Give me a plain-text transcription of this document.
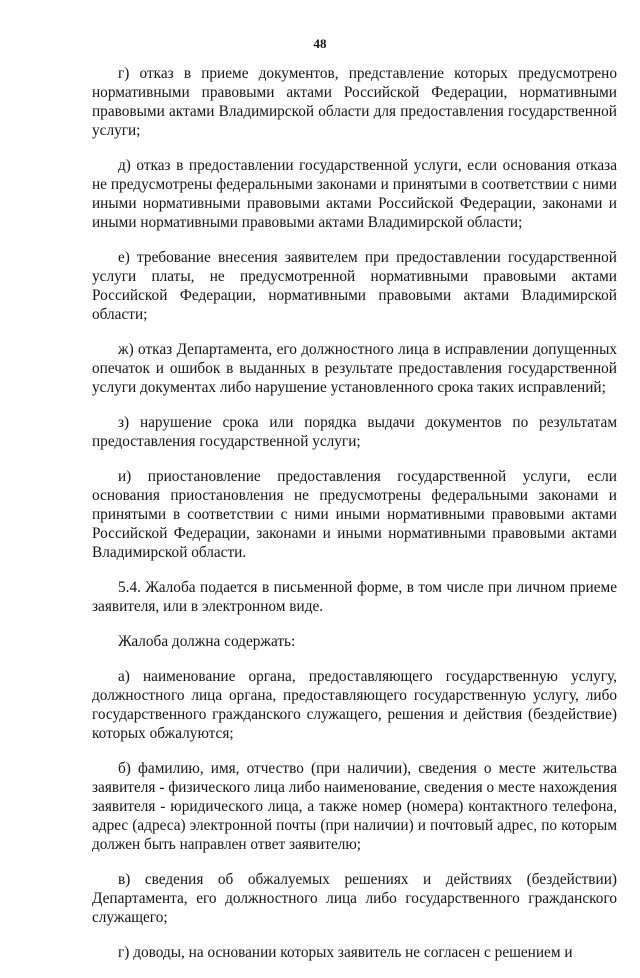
48

г) отказ в приеме документов, представление которых предусмотрено нормативными правовыми актами Российской Федерации, нормативными правовыми актами Владимирской области для предоставления государственной услуги;

д) отказ в предоставлении государственной услуги, если основания отказа не предусмотрены федеральными законами и принятыми в соответствии с ними иными нормативными правовыми актами Российской Федерации, законами и иными нормативными правовыми актами Владимирской области;

е) требование внесения заявителем при предоставлении государственной услуги платы, не предусмотренной нормативными правовыми актами Российской Федерации, нормативными правовыми актами Владимирской области;

ж) отказ Департамента, его должностного лица в исправлении допущенных опечаток и ошибок в выданных в результате предоставления государственной услуги документах либо нарушение установленного срока таких исправлений;

з) нарушение срока или порядка выдачи документов по результатам предоставления государственной услуги;

и) приостановление предоставления государственной услуги, если основания приостановления не предусмотрены федеральными законами и принятыми в соответствии с ними иными нормативными правовыми актами Российской Федерации, законами и иными нормативными правовыми актами Владимирской области.

5.4. Жалоба подается в письменной форме, в том числе при личном приеме заявителя, или в электронном виде.

Жалоба должна содержать:

а) наименование органа, предоставляющего государственную услугу, должностного лица органа, предоставляющего государственную услугу, либо государственного гражданского служащего, решения и действия (бездействие) которых обжалуются;

б) фамилию, имя, отчество (при наличии), сведения о месте жительства заявителя - физического лица либо наименование, сведения о месте нахождения заявителя - юридического лица, а также номер (номера) контактного телефона, адрес (адреса) электронной почты (при наличии) и почтовый адрес, по которым должен быть направлен ответ заявителю;

в) сведения об обжалуемых решениях и действиях (бездействии) Департамента, его должностного лица либо государственного гражданского служащего;

г) доводы, на основании которых заявитель не согласен с решением и
